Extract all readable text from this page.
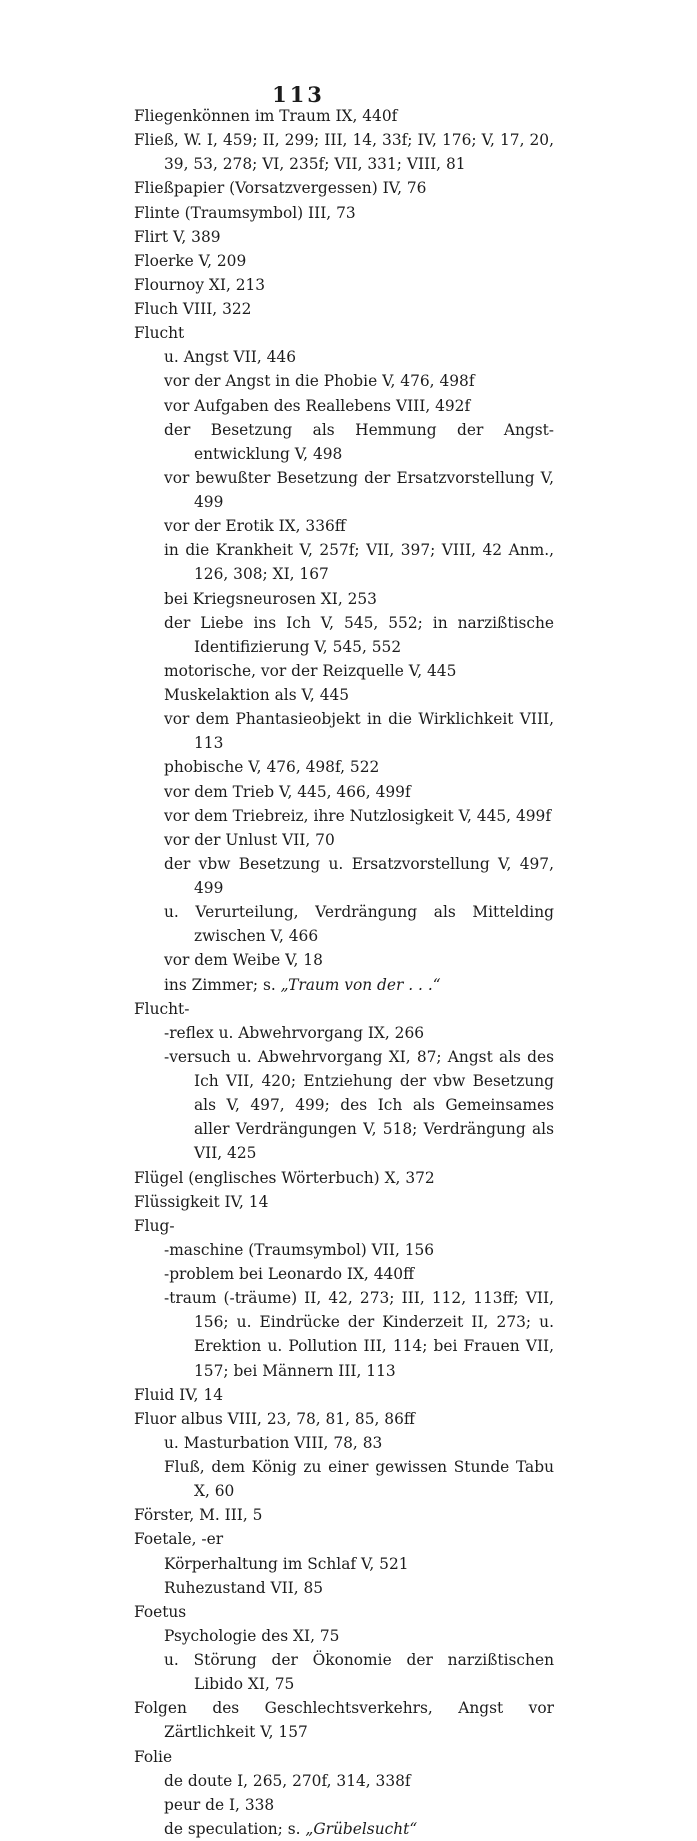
113
Fliegenkönnen im Traum IX, 440f
Fließ, W. I, 459; II, 299; III, 14, 33f; IV, 176; V, 17, 20, 39, 53, 278; VI, 235f; VII, 331; VIII, 81
Fließpapier (Vorsatzvergessen) IV, 76
Flinte (Traumsymbol) III, 73
Flirt V, 389
Floerke V, 209
Flournoy XI, 213
Fluch VIII, 322
Flucht
u. Angst VII, 446
vor der Angst in die Phobie V, 476, 498f
vor Aufgaben des Reallebens VIII, 492f
der Besetzung als Hemmung der Angstentwicklung V, 498
vor bewußter Besetzung der Ersatzvorstellung V, 499
vor der Erotik IX, 336ff
in die Krankheit V, 257f; VII, 397; VIII, 42 Anm., 126, 308; XI, 167
bei Kriegsneurosen XI, 253
der Liebe ins Ich V, 545, 552; in narzißtische Identifizierung V, 545, 552
motorische, vor der Reizquelle V, 445
Muskelaktion als V, 445
vor dem Phantasieobjekt in die Wirklichkeit VIII, 113
phobische V, 476, 498f, 522
vor dem Trieb V, 445, 466, 499f
vor dem Triebreiz, ihre Nutzlosigkeit V, 445, 499f
vor der Unlust VII, 70
der vbw Besetzung u. Ersatzvorstellung V, 497, 499
u. Verurteilung, Verdrängung als Mittelding zwischen V, 466
vor dem Weibe V, 18
ins Zimmer; s. „Traum von der . . .“
Flucht-
-reflex u. Abwehrvorgang IX, 266
-versuch u. Abwehrvorgang XI, 87; Angst als des Ich VII, 420; Entziehung der vbw Besetzung als V, 497, 499; des Ich als Gemeinsames aller Verdrängungen V, 518; Verdrängung als VII, 425
Flügel (englisches Wörterbuch) X, 372
Flüssigkeit IV, 14
Flug-
-maschine (Traumsymbol) VII, 156
-problem bei Leonardo IX, 440ff
-traum (-träume) II, 42, 273; III, 112, 113ff; VII, 156; u. Eindrücke der Kinderzeit II, 273; u. Erektion u. Pollution III, 114; bei Frauen VII, 157; bei Männern III, 113
Fluid IV, 14
Fluor albus VIII, 23, 78, 81, 85, 86ff
u. Masturbation VIII, 78, 83
Fluß, dem König zu einer gewissen Stunde Tabu X, 60
Förster, M. III, 5
Foetale, -er
Körperhaltung im Schlaf V, 521
Ruhezustand VII, 85
Foetus
Psychologie des XI, 75
u. Störung der Ökonomie der narzißtischen Libido XI, 75
Folgen des Geschlechtsverkehrs, Angst vor Zärtlichkeit V, 157
Folie
de doute I, 265, 270f, 314, 338f
peur de I, 338
de speculation; s. „Grübelsucht“
